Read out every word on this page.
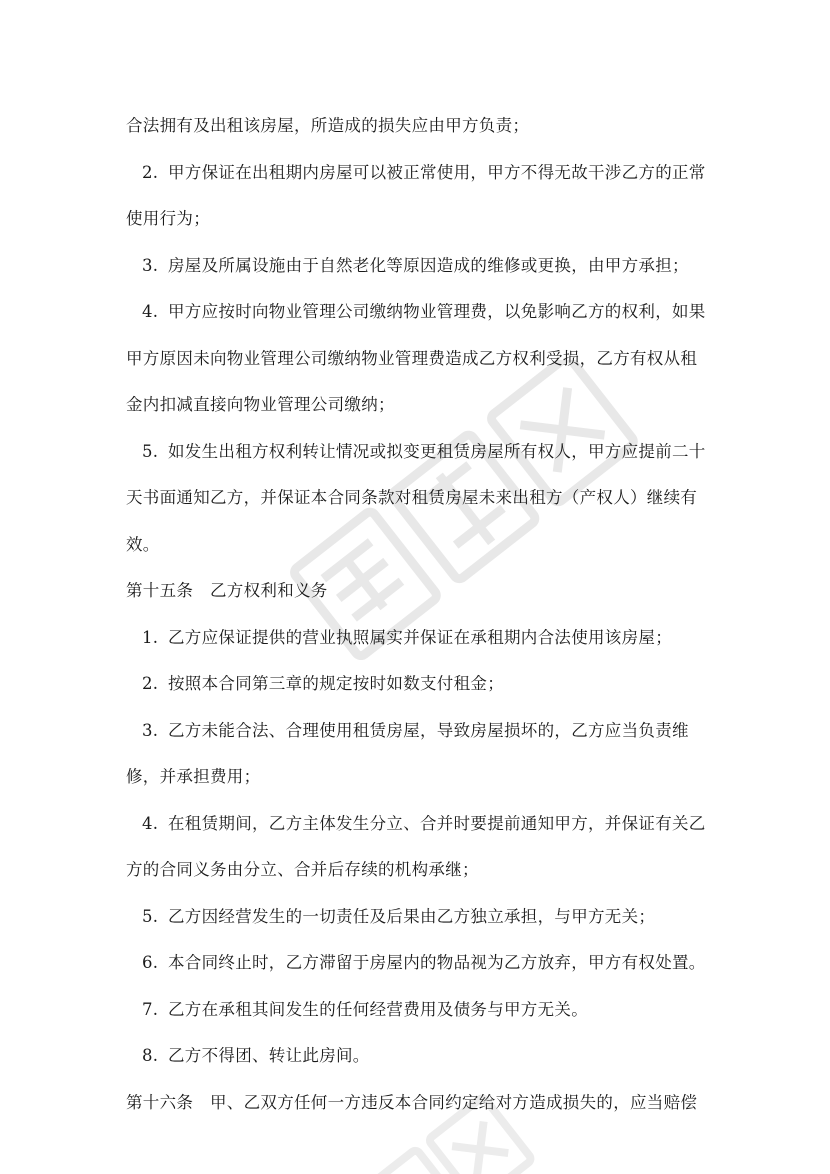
合法拥有及出租该房屋，所造成的损失应由甲方负责；
2. 甲方保证在出租期内房屋可以被正常使用，甲方不得无故干涉乙方的正常
使用行为；
3. 房屋及所属设施由于自然老化等原因造成的维修或更换，由甲方承担；
4. 甲方应按时向物业管理公司缴纳物业管理费，以免影响乙方的权利，如果
甲方原因未向物业管理公司缴纳物业管理费造成乙方权利受损，乙方有权从租
金内扣减直接向物业管理公司缴纳；
5. 如发生出租方权利转让情况或拟变更租赁房屋所有权人，甲方应提前二十
天书面通知乙方，并保证本合同条款对租赁房屋未来出租方（产权人）继续有
效。
第十五条　乙方权利和义务
1. 乙方应保证提供的营业执照属实并保证在承租期内合法使用该房屋；
2. 按照本合同第三章的规定按时如数支付租金；
3. 乙方未能合法、合理使用租赁房屋，导致房屋损坏的，乙方应当负责维
修，并承担费用；
4. 在租赁期间，乙方主体发生分立、合并时要提前通知甲方，并保证有关乙
方的合同义务由分立、合并后存续的机构承继；
5. 乙方因经营发生的一切责任及后果由乙方独立承担，与甲方无关；
6. 本合同终止时，乙方滞留于房屋内的物品视为乙方放弃，甲方有权处置。
7. 乙方在承租其间发生的任何经营费用及债务与甲方无关。
8. 乙方不得团、转让此房间。
第十六条　甲、乙双方任何一方违反本合同约定给对方造成损失的，应当赔偿
